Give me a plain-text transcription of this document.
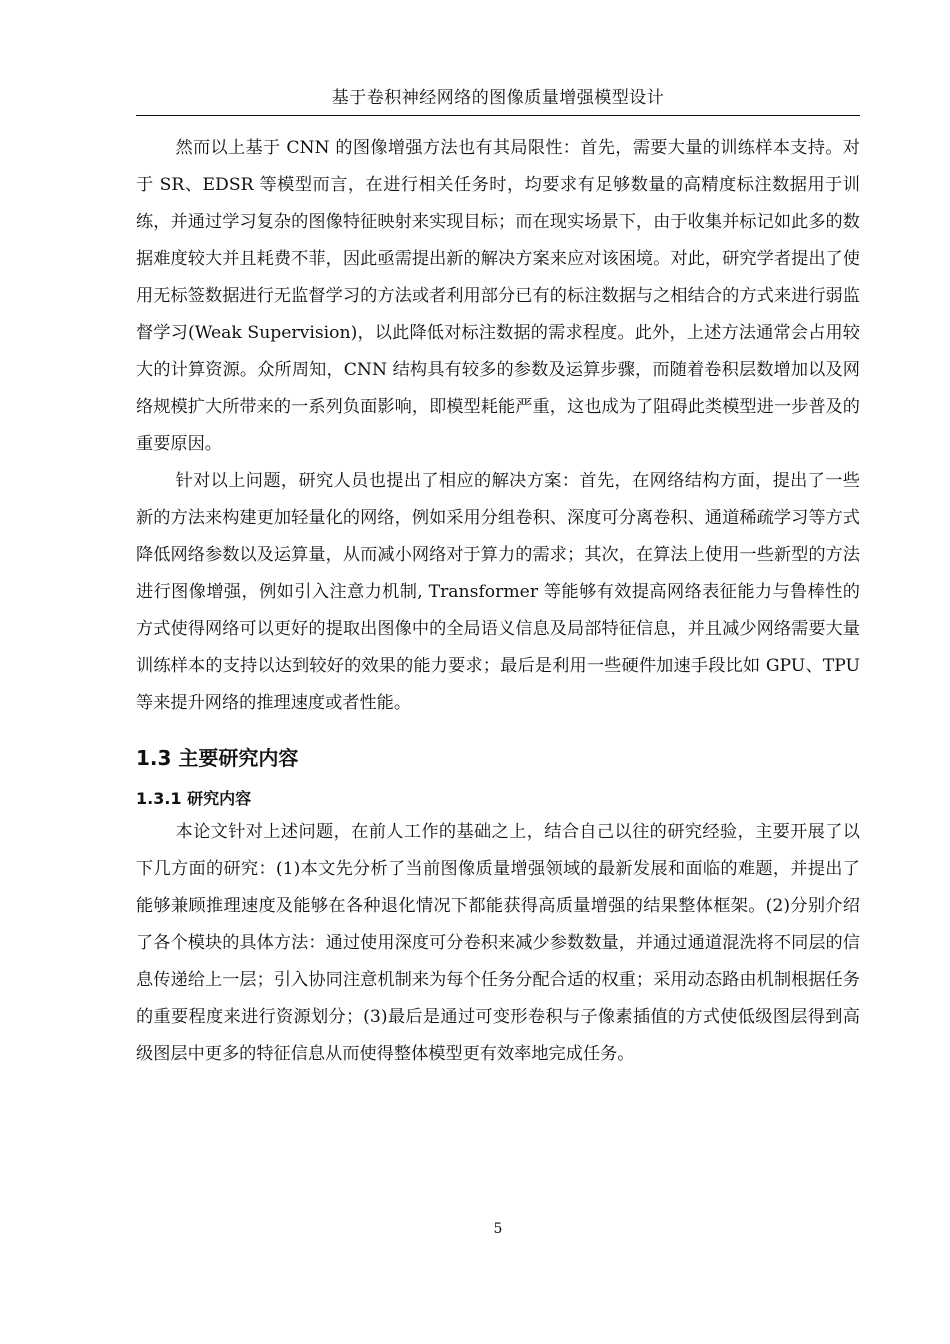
基于卷积神经网络的图像质量增强模型设计

然而以上基于 CNN 的图像增强方法也有其局限性：首先，需要大量的训练样本支持。对于 SR、EDSR 等模型而言，在进行相关任务时，均要求有足够数量的高精度标注数据用于训练，并通过学习复杂的图像特征映射来实现目标；而在现实场景下，由于收集并标记如此多的数据难度较大并且耗费不菲，因此亟需提出新的解决方案来应对该困境。对此，研究学者提出了使用无标签数据进行无监督学习的方法或者利用部分已有的标注数据与之相结合的方式来进行弱监督学习(Weak Supervision)，以此降低对标注数据的需求程度。此外，上述方法通常会占用较大的计算资源。众所周知，CNN 结构具有较多的参数及运算步骤，而随着卷积层数增加以及网络规模扩大所带来的一系列负面影响，即模型耗能严重，这也成为了阻碍此类模型进一步普及的重要原因。

针对以上问题，研究人员也提出了相应的解决方案：首先，在网络结构方面，提出了一些新的方法来构建更加轻量化的网络，例如采用分组卷积、深度可分离卷积、通道稀疏学习等方式降低网络参数以及运算量，从而减小网络对于算力的需求；其次，在算法上使用一些新型的方法进行图像增强，例如引入注意力机制, Transformer 等能够有效提高网络表征能力与鲁棒性的方式使得网络可以更好的提取出图像中的全局语义信息及局部特征信息，并且减少网络需要大量训练样本的支持以达到较好的效果的能力要求；最后是利用一些硬件加速手段比如 GPU、TPU 等来提升网络的推理速度或者性能。

1.3 主要研究内容
1.3.1 研究内容

本论文针对上述问题，在前人工作的基础之上，结合自己以往的研究经验，主要开展了以下几方面的研究：(1)本文先分析了当前图像质量增强领域的最新发展和面临的难题，并提出了能够兼顾推理速度及能够在各种退化情况下都能获得高质量增强的结果整体框架。(2)分别介绍了各个模块的具体方法：通过使用深度可分卷积来减少参数数量，并通过通道混洗将不同层的信息传递给上一层；引入协同注意机制来为每个任务分配合适的权重；采用动态路由机制根据任务的重要程度来进行资源划分；(3)最后是通过可变形卷积与子像素插值的方式使低级图层得到高级图层中更多的特征信息从而使得整体模型更有效率地完成任务。

5
